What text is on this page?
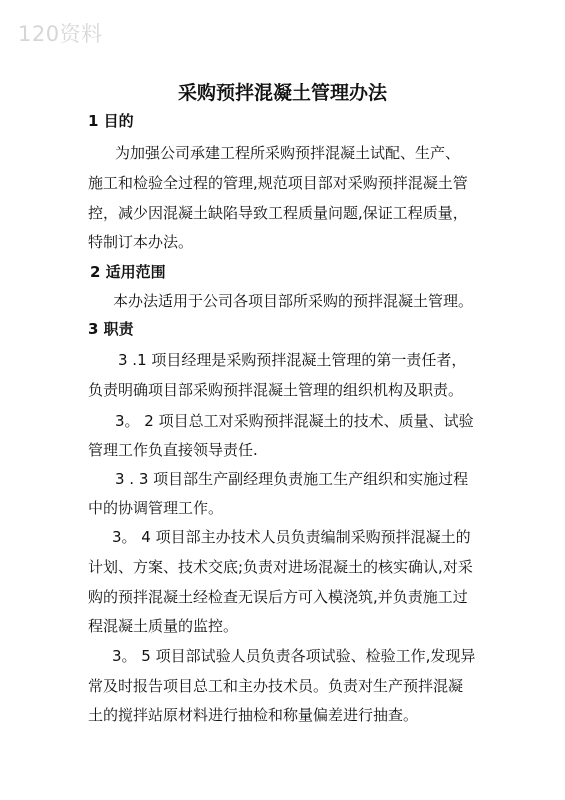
120资料
采购预拌混凝土管理办法
1 目的
为加强公司承建工程所采购预拌混凝土试配、生产、
施工和检验全过程的管理,规范项目部对采购预拌混凝土管
控，减少因混凝土缺陷导致工程质量问题,保证工程质量，
特制订本办法。
2 适用范围
本办法适用于公司各项目部所采购的预拌混凝土管理。
3 职责
3 .1 项目经理是采购预拌混凝土管理的第一责任者，
负责明确项目部采购预拌混凝土管理的组织机构及职责。
3。 2 项目总工对采购预拌混凝土的技术、质量、试验
管理工作负直接领导责任.
3 . 3 项目部生产副经理负责施工生产组织和实施过程
中的协调管理工作。
3。 4 项目部主办技术人员负责编制采购预拌混凝土的
计划、方案、技术交底;负责对进场混凝土的核实确认,对采
购的预拌混凝土经检查无误后方可入模浇筑,并负责施工过
程混凝土质量的监控。
3。 5 项目部试验人员负责各项试验、检验工作,发现异
常及时报告项目总工和主办技术员。负责对生产预拌混凝
土的搅拌站原材料进行抽检和称量偏差进行抽查。
